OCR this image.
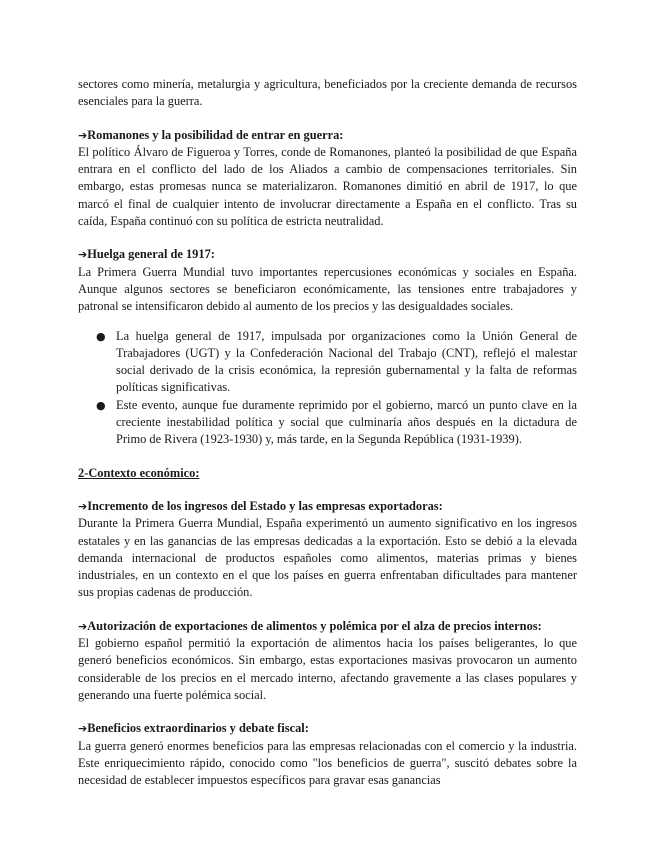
sectores como minería, metalurgia y agricultura, beneficiados por la creciente demanda de recursos esenciales para la guerra.

➔Romanones y la posibilidad de entrar en guerra:

El político Álvaro de Figueroa y Torres, conde de Romanones, planteó la posibilidad de que España entrara en el conflicto del lado de los Aliados a cambio de compensaciones territoriales. Sin embargo, estas promesas nunca se materializaron. Romanones dimitió en abril de 1917, lo que marcó el final de cualquier intento de involucrar directamente a España en el conflicto. Tras su caída, España continuó con su política de estricta neutralidad.

➔Huelga general de 1917:

La Primera Guerra Mundial tuvo importantes repercusiones económicas y sociales en España. Aunque algunos sectores se beneficiaron económicamente, las tensiones entre trabajadores y patronal se intensificaron debido al aumento de los precios y las desigualdades sociales.

● La huelga general de 1917, impulsada por organizaciones como la Unión General de Trabajadores (UGT) y la Confederación Nacional del Trabajo (CNT), reflejó el malestar social derivado de la crisis económica, la represión gubernamental y la falta de reformas políticas significativas.
● Este evento, aunque fue duramente reprimido por el gobierno, marcó un punto clave en la creciente inestabilidad política y social que culminaría años después en la dictadura de Primo de Rivera (1923-1930) y, más tarde, en la Segunda República (1931-1939).

2-Contexto económico:

➔Incremento de los ingresos del Estado y las empresas exportadoras:

Durante la Primera Guerra Mundial, España experimentó un aumento significativo en los ingresos estatales y en las ganancias de las empresas dedicadas a la exportación. Esto se debió a la elevada demanda internacional de productos españoles como alimentos, materias primas y bienes industriales, en un contexto en el que los países en guerra enfrentaban dificultades para mantener sus propias cadenas de producción.

➔Autorización de exportaciones de alimentos y polémica por el alza de precios internos:

El gobierno español permitió la exportación de alimentos hacia los países beligerantes, lo que generó beneficios económicos. Sin embargo, estas exportaciones masivas provocaron un aumento considerable de los precios en el mercado interno, afectando gravemente a las clases populares y generando una fuerte polémica social.

➔Beneficios extraordinarios y debate fiscal:

La guerra generó enormes beneficios para las empresas relacionadas con el comercio y la industria. Este enriquecimiento rápido, conocido como "los beneficios de guerra", suscitó debates sobre la necesidad de establecer impuestos específicos para gravar esas ganancias
